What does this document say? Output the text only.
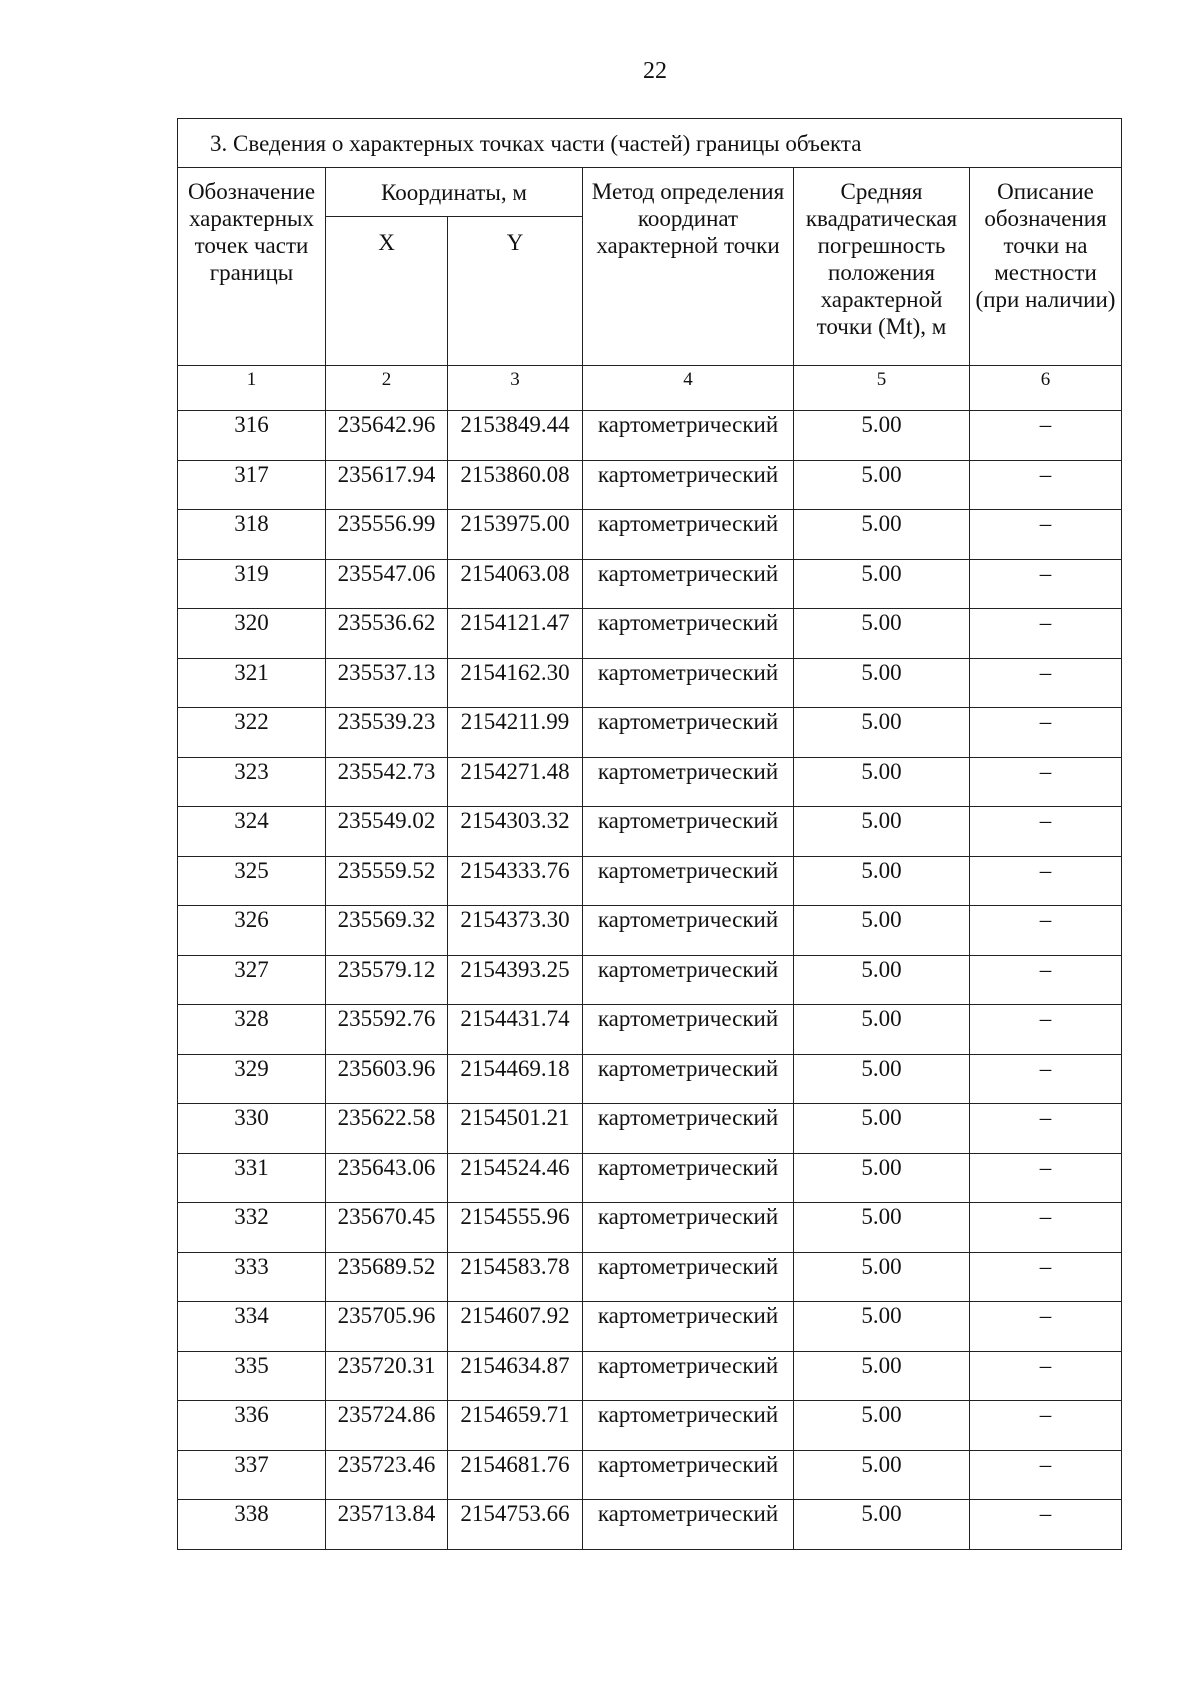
22
3. Сведения о характерных точках части (частей) границы объекта					
Обозначение характерных точек части границы	Координаты, м		Метод определения координат характерной точки	Средняя квадратическая погрешность положения характерной точки (Mt), м	Описание обозначения точки на местности (при наличии)
	X	Y			
1	2	3	4	5	6
316	235642.96	2153849.44	картометрический	5.00	–
317	235617.94	2153860.08	картометрический	5.00	–
318	235556.99	2153975.00	картометрический	5.00	–
319	235547.06	2154063.08	картометрический	5.00	–
320	235536.62	2154121.47	картометрический	5.00	–
321	235537.13	2154162.30	картометрический	5.00	–
322	235539.23	2154211.99	картометрический	5.00	–
323	235542.73	2154271.48	картометрический	5.00	–
324	235549.02	2154303.32	картометрический	5.00	–
325	235559.52	2154333.76	картометрический	5.00	–
326	235569.32	2154373.30	картометрический	5.00	–
327	235579.12	2154393.25	картометрический	5.00	–
328	235592.76	2154431.74	картометрический	5.00	–
329	235603.96	2154469.18	картометрический	5.00	–
330	235622.58	2154501.21	картометрический	5.00	–
331	235643.06	2154524.46	картометрический	5.00	–
332	235670.45	2154555.96	картометрический	5.00	–
333	235689.52	2154583.78	картометрический	5.00	–
334	235705.96	2154607.92	картометрический	5.00	–
335	235720.31	2154634.87	картометрический	5.00	–
336	235724.86	2154659.71	картометрический	5.00	–
337	235723.46	2154681.76	картометрический	5.00	–
338	235713.84	2154753.66	картометрический	5.00	–
